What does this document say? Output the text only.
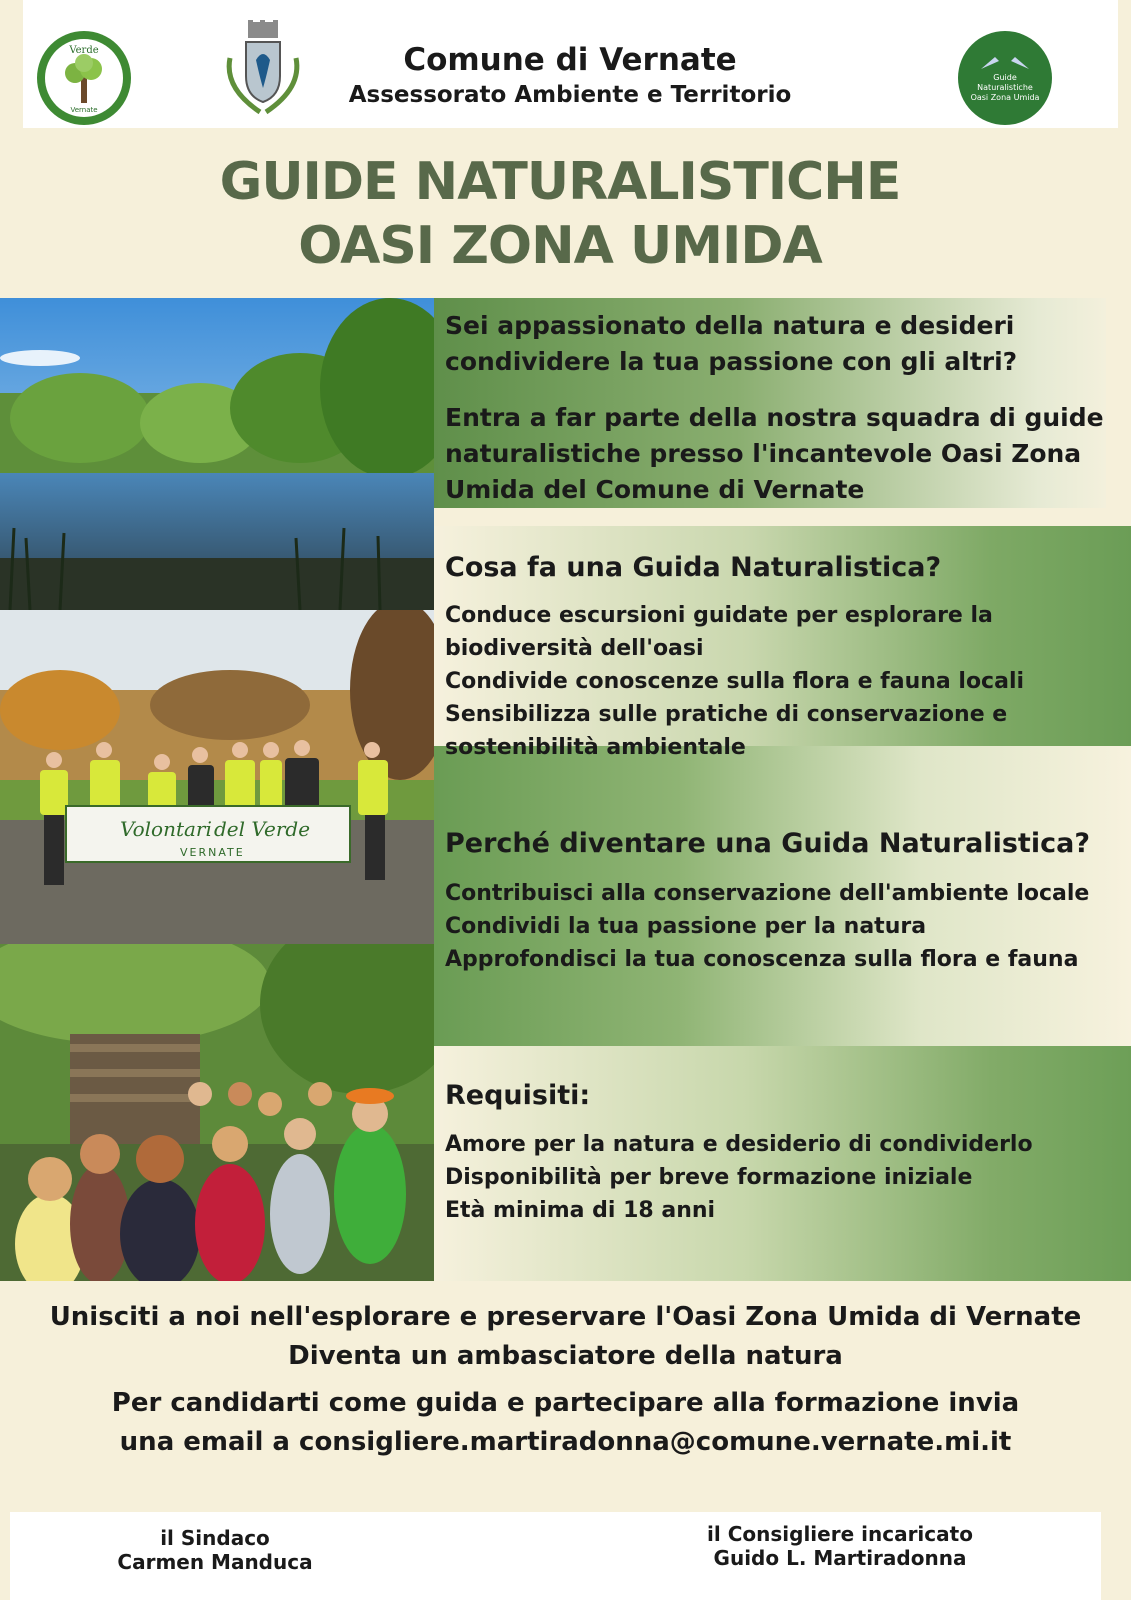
Verde
Vernate
Comune di Vernate
Assessorato Ambiente e Territorio
Guide
Naturalistiche
Oasi Zona Umida
GUIDE NATURALISTICHE
OASI ZONA UMIDA
Volontari del Verde
VERNATE
Sei appassionato della natura e desideri condividere la tua passione con gli altri?
Entra a far parte della nostra squadra di guide naturalistiche presso l'incantevole Oasi Zona Umida del Comune di Vernate
Cosa fa una Guida Naturalistica?
Conduce escursioni guidate per esplorare la
biodiversità dell'oasi
Condivide conoscenze sulla flora e fauna locali
Sensibilizza sulle pratiche di conservazione e
sostenibilità ambientale
Perché diventare una Guida Naturalistica?
Contribuisci alla conservazione dell'ambiente locale
Condividi la tua passione per la natura
Approfondisci la tua conoscenza sulla flora e fauna
Requisiti:
Amore per la natura e desiderio di condividerlo
Disponibilità per breve formazione iniziale
Età minima di 18 anni
Unisciti a noi nell'esplorare e preservare l'Oasi Zona Umida di Vernate
Diventa un ambasciatore della natura
Per candidarti come guida e partecipare alla formazione invia
una email a consigliere.martiradonna@comune.vernate.mi.it
il Sindaco
Carmen Manduca
il Consigliere incaricato
Guido L. Martiradonna
